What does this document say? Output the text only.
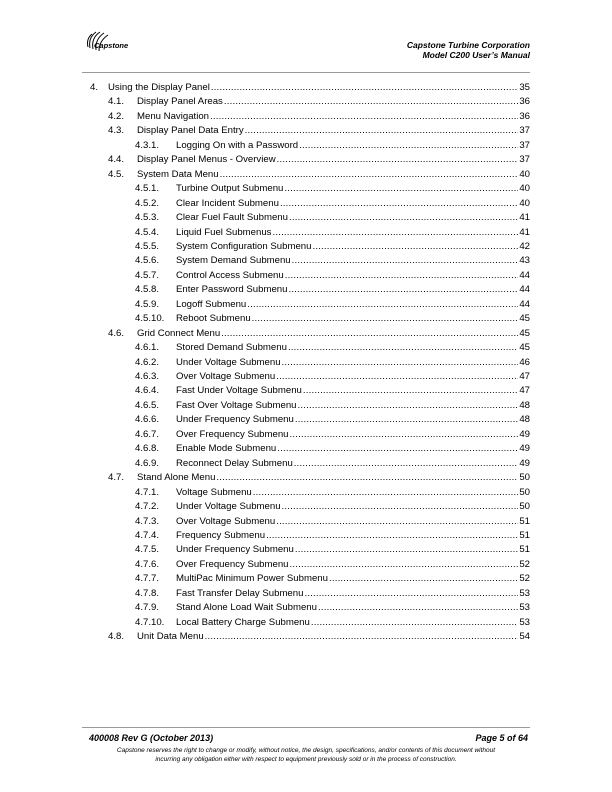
Capstone	Capstone Turbine Corporation
Model C200 User’s Manual
4. Using the Display Panel .....	35
4.1. Display Panel Areas .....	36
4.2. Menu Navigation .....	36
4.3. Display Panel Data Entry .....	37
4.3.1. Logging On with a Password .....	37
4.4. Display Panel Menus - Overview .....	37
4.5. System Data Menu .....	40
4.5.1. Turbine Output Submenu .....	40
4.5.2. Clear Incident Submenu .....	40
4.5.3. Clear Fuel Fault Submenu .....	41
4.5.4. Liquid Fuel Submenus .....	41
4.5.5. System Configuration Submenu .....	42
4.5.6. System Demand Submenu .....	43
4.5.7. Control Access Submenu .....	44
4.5.8. Enter Password Submenu .....	44
4.5.9. Logoff Submenu .....	44
4.5.10. Reboot Submenu .....	45
4.6. Grid Connect Menu .....	45
4.6.1. Stored Demand Submenu .....	45
4.6.2. Under Voltage Submenu .....	46
4.6.3. Over Voltage Submenu .....	47
4.6.4. Fast Under Voltage Submenu .....	47
4.6.5. Fast Over Voltage Submenu .....	48
4.6.6. Under Frequency Submenu .....	48
4.6.7. Over Frequency Submenu .....	49
4.6.8. Enable Mode Submenu .....	49
4.6.9. Reconnect Delay Submenu .....	49
4.7. Stand Alone Menu .....	50
4.7.1. Voltage Submenu .....	50
4.7.2. Under Voltage Submenu .....	50
4.7.3. Over Voltage Submenu .....	51
4.7.4. Frequency Submenu .....	51
4.7.5. Under Frequency Submenu .....	51
4.7.6. Over Frequency Submenu .....	52
4.7.7. MultiPac Minimum Power Submenu .....	52
4.7.8. Fast Transfer Delay Submenu .....	53
4.7.9. Stand Alone Load Wait Submenu .....	53
4.7.10. Local Battery Charge Submenu .....	53
4.8. Unit Data Menu .....	54
400008 Rev G (October 2013)	Page 5 of 64
Capstone reserves the right to change or modify, without notice, the design, specifications, and/or contents of this document without
incurring any obligation either with respect to equipment previously sold or in the process of construction.
